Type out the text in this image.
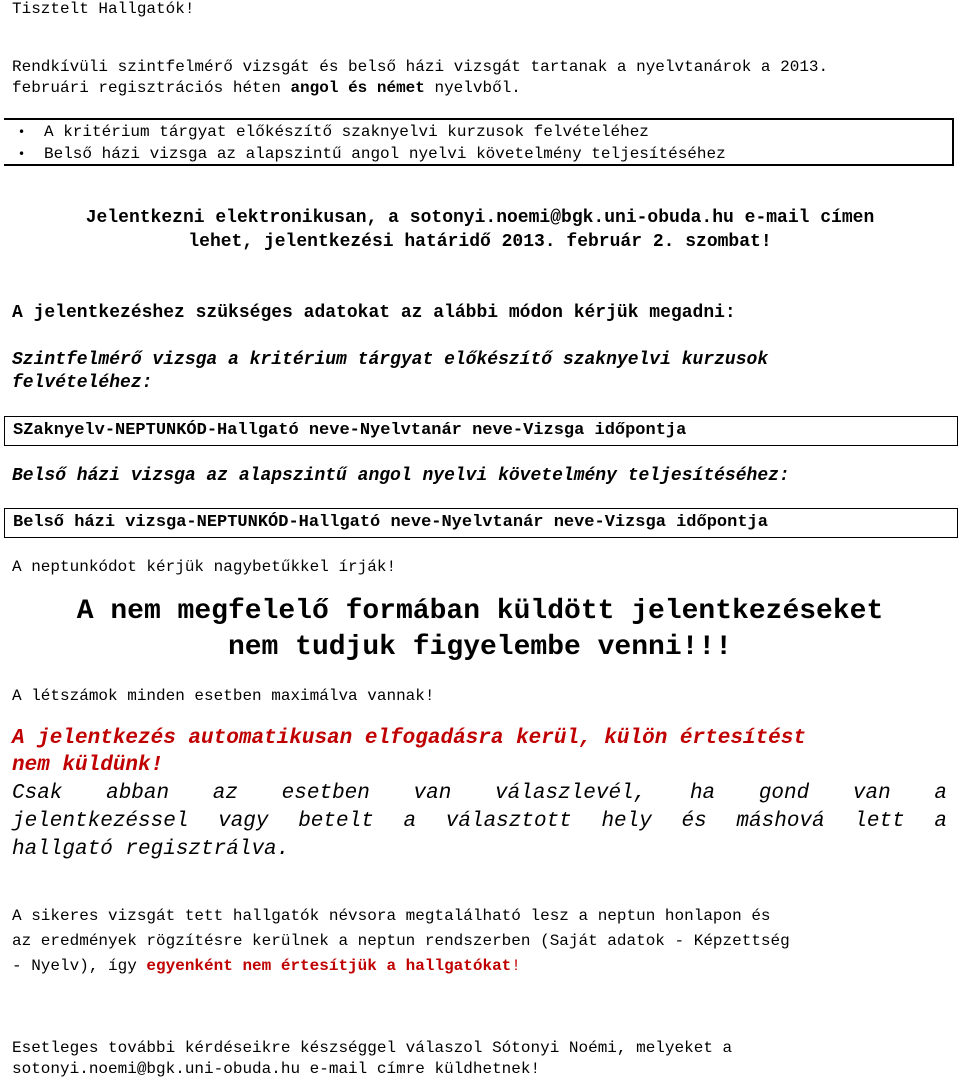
Tisztelt Hallgatók!
Rendkívüli szintfelmérő vizsgát és belső házi vizsgát tartanak a nyelvtanárok a 2013.
februári regisztrációs héten angol és német nyelvből.
• A kritérium tárgyat előkészítő szaknyelvi kurzusok felvételéhez
• Belső házi vizsga az alapszintű angol nyelvi követelmény teljesítéséhez
Jelentkezni elektronikusan, a sotonyi.noemi@bgk.uni-obuda.hu e-mail címen
lehet, jelentkezési határidő 2013. február 2. szombat!
A jelentkezéshez szükséges adatokat az alábbi módon kérjük megadni:
Szintfelmérő vizsga a kritérium tárgyat előkészítő szaknyelvi kurzusok
felvételéhez:
SZaknyelv-NEPTUNKÓD-Hallgató neve-Nyelvtanár neve-Vizsga időpontja
Belső házi vizsga az alapszintű angol nyelvi követelmény teljesítéséhez:
Belső házi vizsga-NEPTUNKÓD-Hallgató neve-Nyelvtanár neve-Vizsga időpontja
A neptunkódot kérjük nagybetűkkel írják!
A nem megfelelő formában küldött jelentkezéseket
nem tudjuk figyelembe venni!!!
A létszámok minden esetben maximálva vannak!
A jelentkezés automatikusan elfogadásra kerül, külön értesítést
nem küldünk!
Csak abban az esetben van válaszlevél, ha gond van a
jelentkezéssel vagy betelt a választott hely és máshová lett a
hallgató regisztrálva.
A sikeres vizsgát tett hallgatók névsora megtalálható lesz a neptun honlapon és
az eredmények rögzítésre kerülnek a neptun rendszerben (Saját adatok - Képzettség
- Nyelv), így egyenként nem értesítjük a hallgatókat!
Esetleges további kérdéseikre készséggel válaszol Sótonyi Noémi, melyeket a
sotonyi.noemi@bgk.uni-obuda.hu e-mail címre küldhetnek!
